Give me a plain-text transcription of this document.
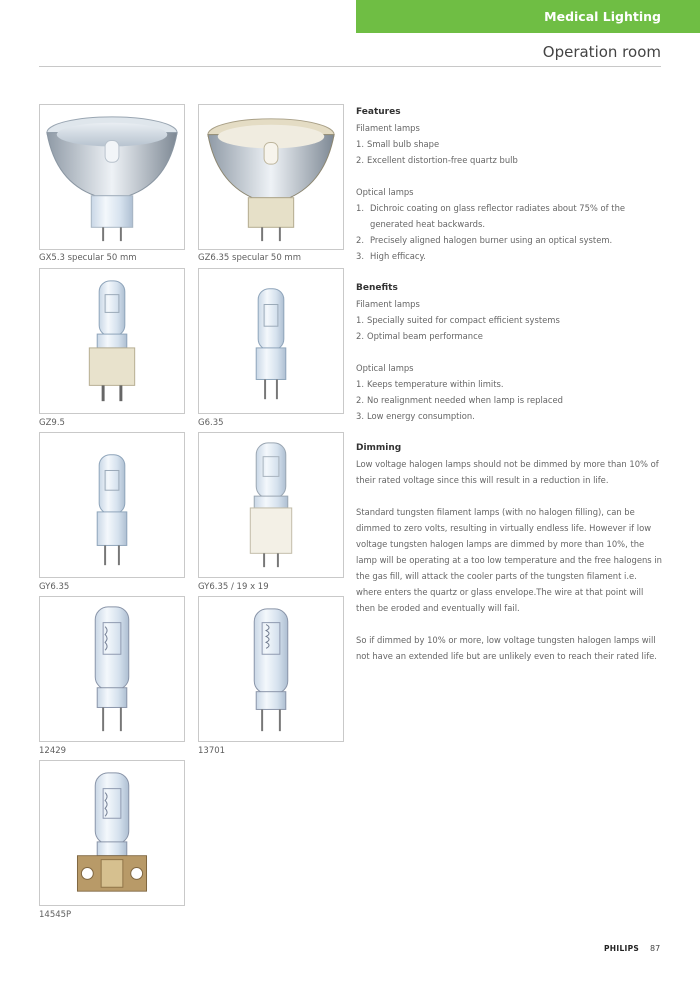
Medical Lighting
Operation room
GX5.3 specular 50 mm	GZ6.35 specular 50 mm
GZ9.5	G6.35
GY6.35	GY6.35 / 19 x 19
12429	13701
14545P
Features

Filament lamps

1. Small bulb shape
2. Excellent distortion-free quartz bulb

Optical lamps

1. Dichroic coating on glass reflector radiates about 75% of the generated heat backwards.
2. Precisely aligned halogen burner using an optical system.
3. High efficacy.
Benefits

Filament lamps

1. Specially suited for compact efficient systems
2. Optimal beam performance

Optical lamps

1. Keeps temperature within limits.
2. No realignment needed when lamp is replaced
3. Low energy consumption.
Dimming

Low voltage halogen lamps should not be dimmed by more than 10% of their rated voltage since this will result in a reduction in life.

Standard tungsten filament lamps (with no halogen filling), can be dimmed to zero volts, resulting in virtually endless life. However if low voltage tungsten halogen lamps are dimmed by more than 10%, the lamp will be operating at a too low temperature and the free halogens in the gas fill, will attack the cooler parts of the tungsten filament i.e. where enters the quartz or glass envelope.The wire at that point will then be eroded and eventually will fail.

So if dimmed by 10% or more, low voltage tungsten halogen lamps will not have an extended life but are unlikely even to reach their rated life.

PHILIPS 87
